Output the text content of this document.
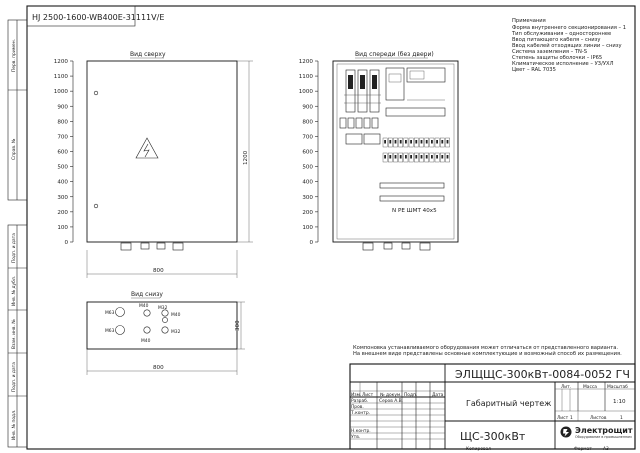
HJ 2500-1600-WB400E-31111V/E
Перв. примен.
Справ. №
Подп. и дата
Инв. № дубл.
Взам. инв. №
Подп. и дата
Инв. № подл.
Вид сверху
1200
1100
1000
900
800
700
600
500
400
300
200
100
0
1200
800
Вид спереди (без двери)
1200
1100
1000
900
800
700
600
500
400
300
200
100
0
N PE ШМТ 40х5
Вид снизу
М63
М40
М40
М32
М32
М40
М63
300
800
Примечания
Форма внутреннего секционирования – 1
Тип обслуживания – одностороннее
Ввод питающего кабеля – снизу
Ввод кабелей отходящих линии – снизу
Система заземления – TN-S
Степень защиты оболочки – IP65
Климатическое исполнение – У3/УХЛ
Цвет – RAL 7035
Компоновка устанавливаемого оборудования может отличаться от представленного варианта.
На внешнем виде представлены основные комплектующие и возможный способ их размещения.
ЭЛЩЩС-300кВт-0084-0052 ГЧ
Изм. Лист № докум. Подп.	Дата
Разраб. Серов А.В.
Пров.
Т.контр.
Н.контр.
Утв.
Габаритный чертеж
ЩС-300кВт
Лит.	Масса Масштаб
1:10
Лист 1	Листов	1
Электрощит
Оборудование в промышленном
Копировал	Формат	А3
